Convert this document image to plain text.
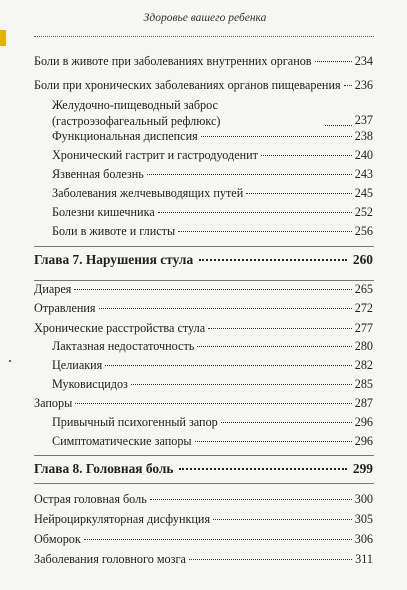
Здоровье вашего ребенка
Боли в животе при заболеваниях внутренних органов	234
Боли при хронических заболеваниях органов пищеварения 236
Желудочно-пищеводный заброс (гастроэзофагеальный рефлюкс)	237
Функциональная диспепсия	238
Хронический гастрит и гастродуоденит	240
Язвенная болезнь	243
Заболевания желчевыводящих путей	245
Болезни кишечника	252
Боли в животе и глисты	256
Глава 7. Нарушения стула	260
Диарея	265
Отравления	272
Хронические расстройства стула	277
Лактазная недостаточность	280
Целиакия	282
Муковисцидоз	285
Запоры	287
Привычный психогенный запор	296
Симптоматические запоры	296
Глава 8. Головная боль	299
Острая головная боль	300
Нейроциркуляторная дисфункция	305
Обморок	306
Заболевания головного мозга	311
